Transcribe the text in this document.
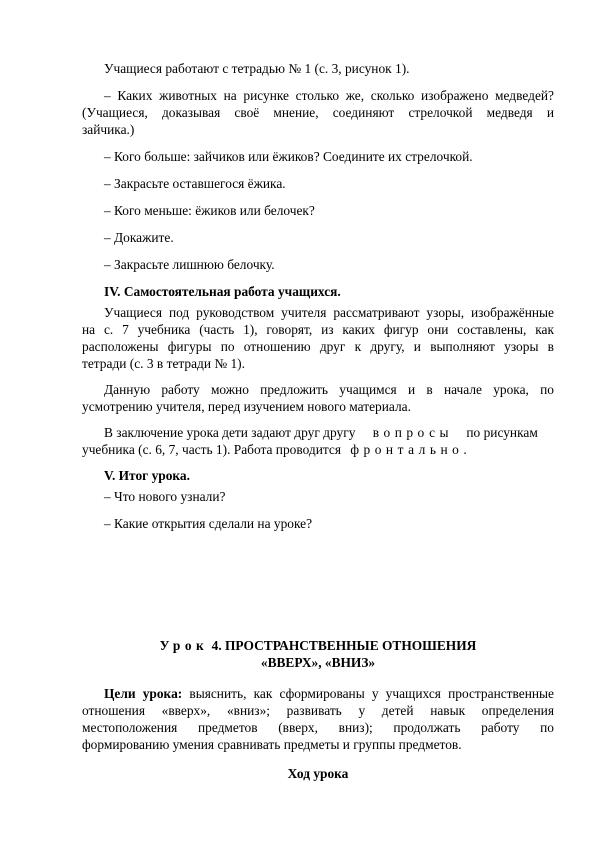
Учащиеся работают с тетрадью № 1 (с. 3, рисунок 1).
– Каких животных на рисунке столько же, сколько изображено медведей?
(Учащиеся, доказывая своё мнение, соединяют стрелочкой медведя и
зайчика.)
– Кого больше: зайчиков или ёжиков? Соедините их стрелочкой.
– Закрасьте оставшегося ёжика.
– Кого меньше: ёжиков или белочек?
– Докажите.
– Закрасьте лишнюю белочку.
IV. Самостоятельная работа учащихся.
Учащиеся под руководством учителя рассматривают узоры, изображённые
на с. 7 учебника (часть 1), говорят, из каких фигур они составлены, как
расположены фигуры по отношению друг к другу, и выполняют узоры в
тетради (с. 3 в тетради № 1).
Данную работу можно предложить учащимся и в начале урока, по
усмотрению учителя, перед изучением нового материала.
В заключение урока дети задают друг другу вопросы по рисункам
учебника (с. 6, 7, часть 1). Работа проводится фронтально.
V. Итог урока.
– Что нового узнали?
– Какие открытия сделали на уроке?
Урок 4. ПРОСТРАНСТВЕННЫЕ ОТНОШЕНИЯ
«ВВЕРХ», «ВНИЗ»
Цели урока: выяснить, как сформированы у учащихся пространственные
отношения «вверх», «вниз»; развивать у детей навык определения
местоположения предметов (вверх, вниз); продолжать работу по
формированию умения сравнивать предметы и группы предметов.
Ход урока
